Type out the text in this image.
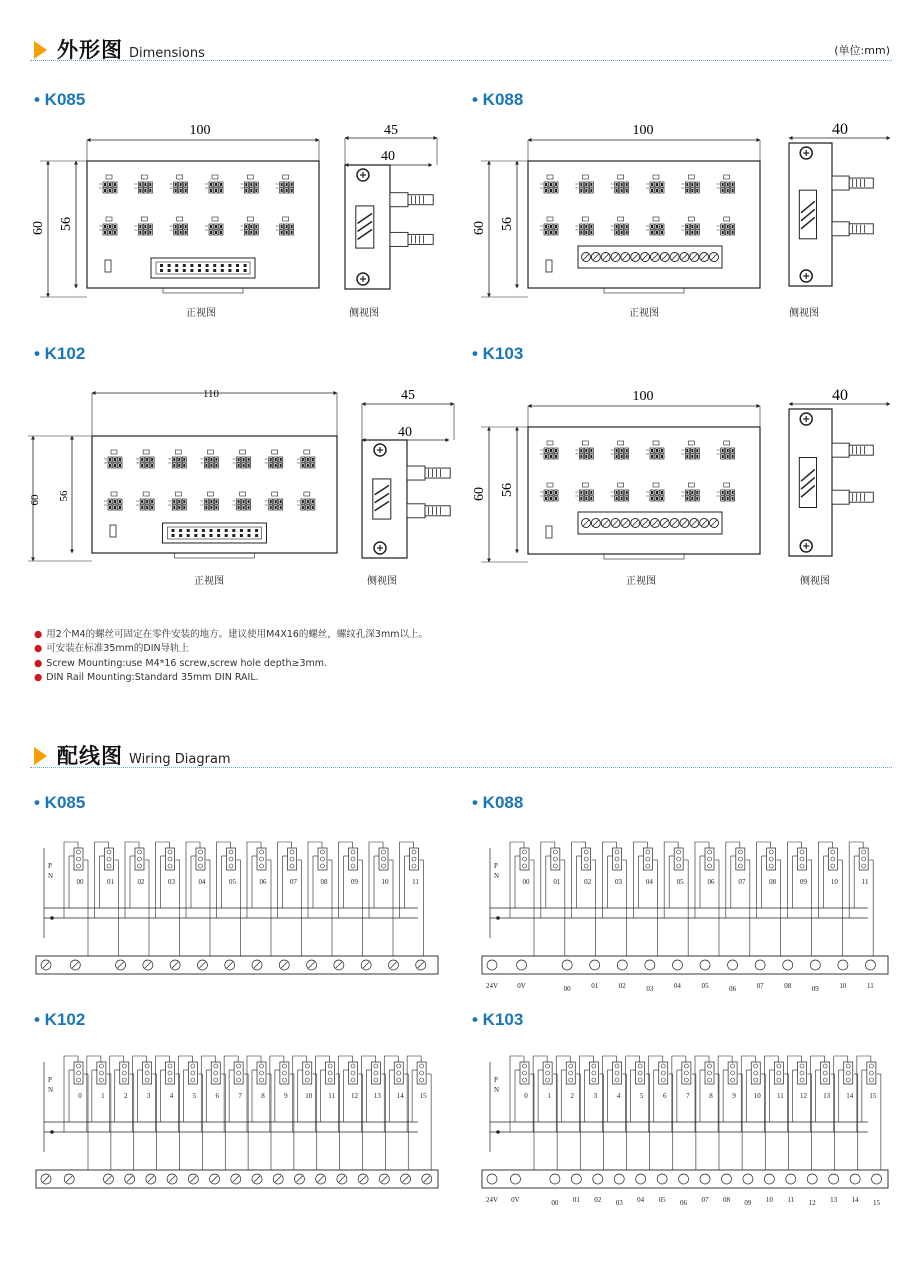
外形图 Dimensions	(单位:mm)
• K085	• K088
• K102	• K103
100
60 56
45
40
100
60 56
40
110
60 56
45
40
100
60 56
40
正视图	侧视图	正视图	侧视图
正视图	侧视图	正视图	侧视图
● 用2个M4的螺丝可固定在零件安装的地方。建议使用M4X16的螺丝，螺纹孔深3mm以上。
● 可安装在标准35mm的DIN导轨上
● Screw Mounting:use M4*16 screw,screw hole depth≥3mm.
● DIN Rail Mounting:Standard 35mm DIN RAIL.
配线图 Wiring Diagram
• K085	• K088
• K102	• K103
P
N
00	01	02	03	04	05	06	07	08	09	10	11
P
N
00	01	02	03	04	05	06	07	08	09	10	11
24V	0V	00	01	02	03	04	05	06	07	08	09	10	11
P
N
0	1	2	3	4	5	6	7	8	9	10 11 12 13 14 15
P
N
0	1	2	3	4	5	6	7	8	9	10 11 12 13 14 15
24V 0V	00 01 02 03 04 05 06 07 08 09 10 11 12 13 14 15
